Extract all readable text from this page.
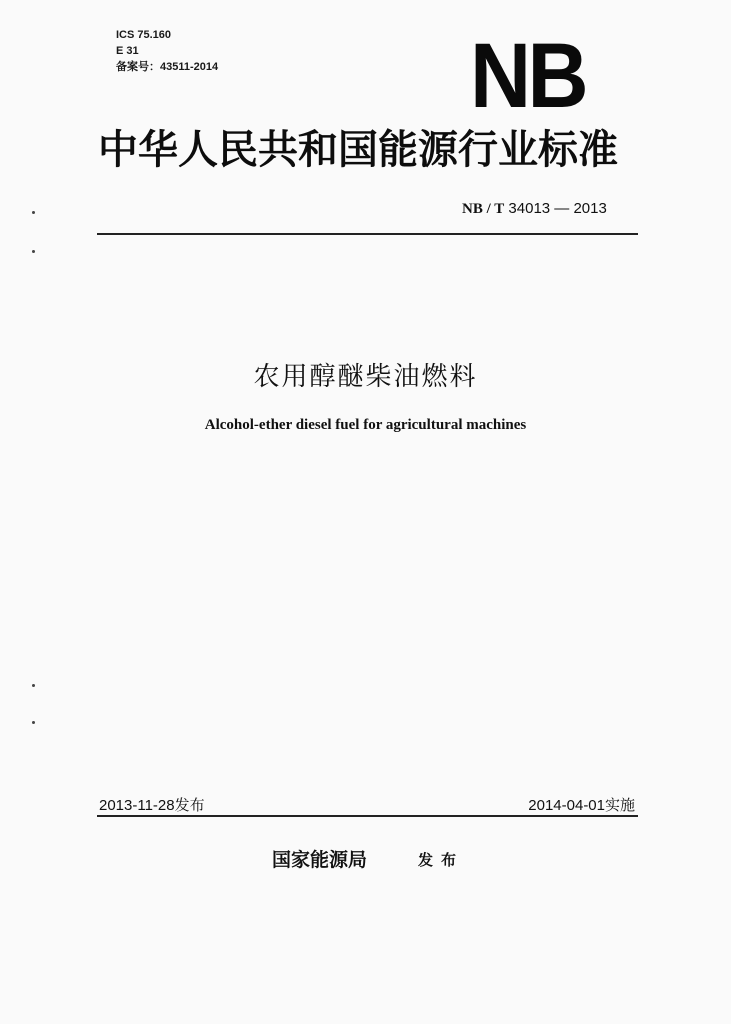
ICS 75.160
E 31
备案号：43511-2014	NB
中华人民共和国能源行业标准
NB / T 34013 — 2013
农用醇醚柴油燃料
Alcohol-ether diesel fuel for agricultural machines
2013-11-28发布	2014-04-01实施
国家能源局	发布
